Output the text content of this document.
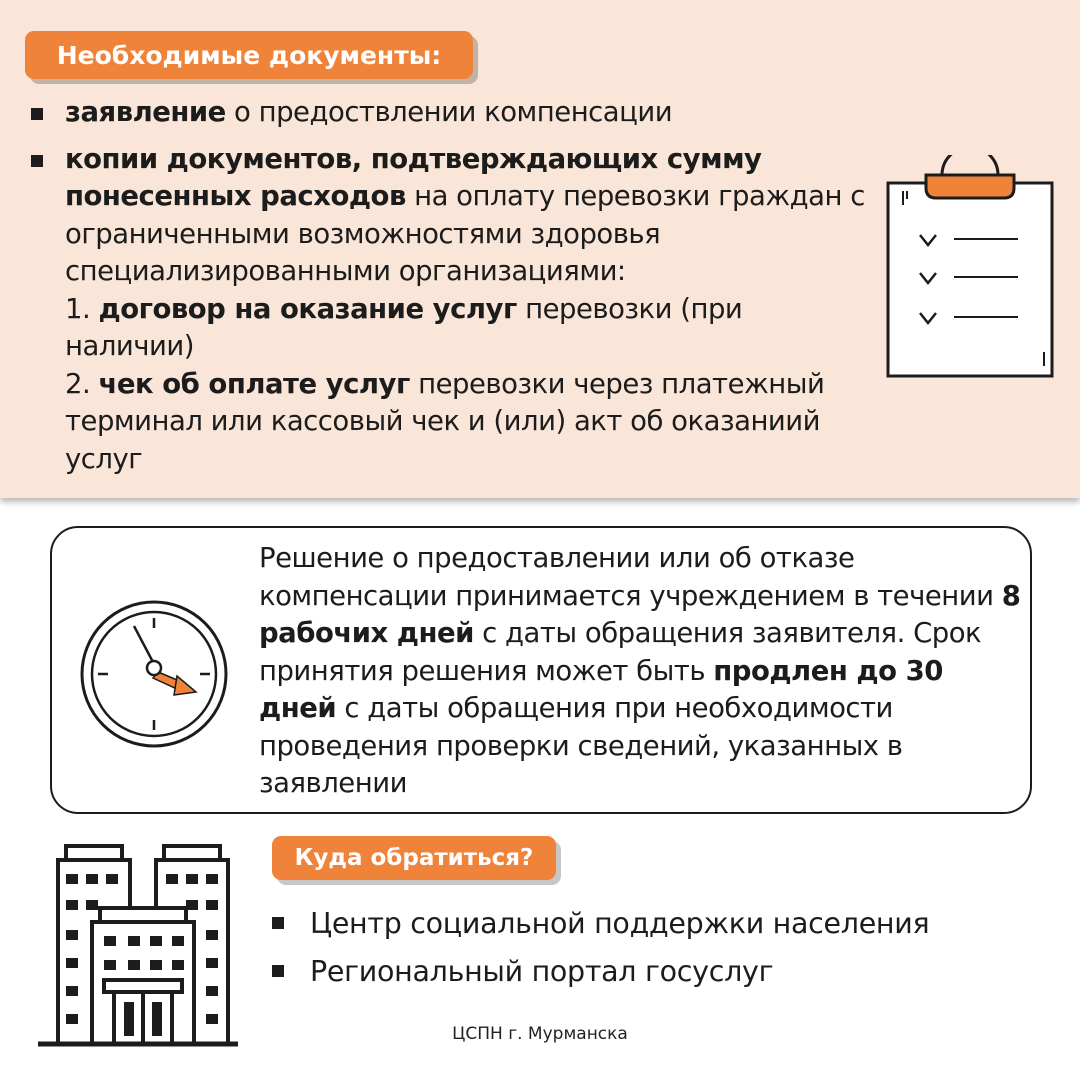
Необходимые документы:
заявление о предоствлении компенсации
копии документов, подтверждающих сумму понесенных расходов на оплату перевозки граждан с ограниченными возможностями здоровья специализированными организациями:
1. договор на оказание услуг перевозки (при наличии)
2. чек об оплате услуг перевозки через платежный терминал или кассовый чек и (или) акт об оказаниий услуг
Решение о предоставлении или об отказе компенсации принимается учреждением в течении 8 рабочих дней с даты обращения заявителя. Срок принятия решения может быть продлен до 30 дней с даты обращения при необходимости проведения проверки сведений, указанных в заявлении
Куда обратиться?
Центр социальной поддержки населения
Региональный портал госуслуг
ЦСПН г. Мурманска
